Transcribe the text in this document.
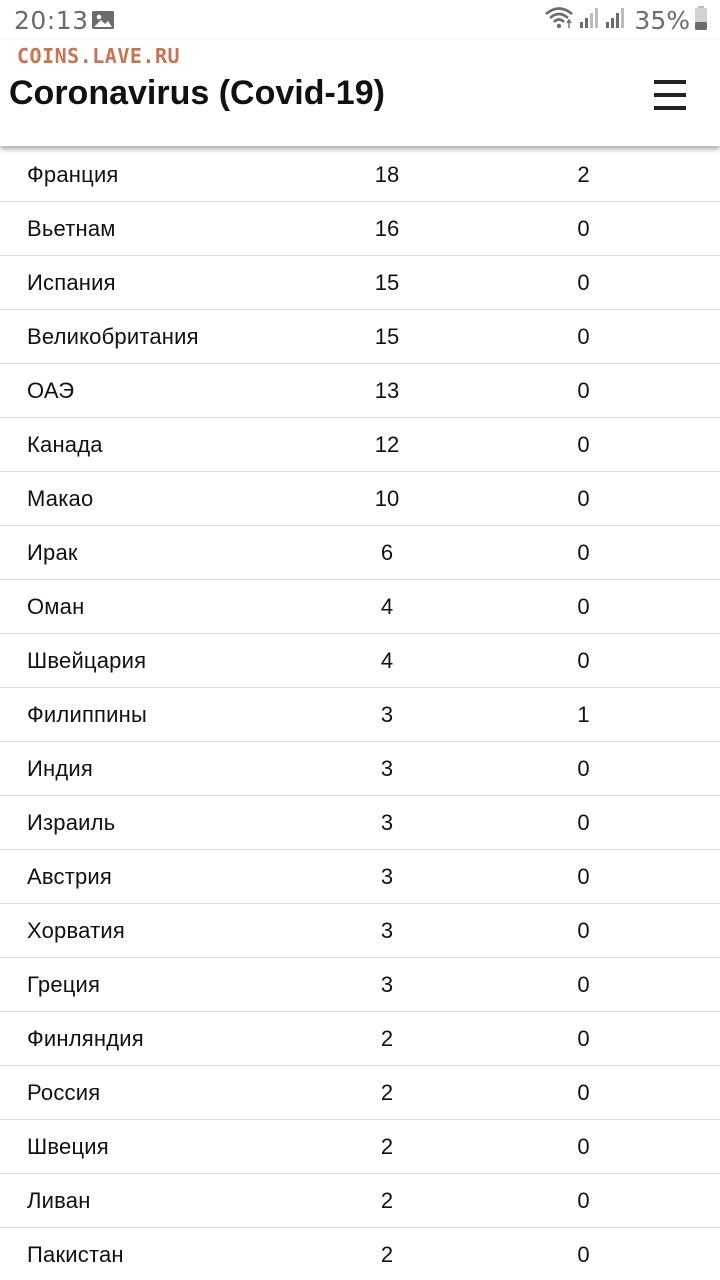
20:13	35%
Coronavirus (Covid-19)
COINS.LAVE.RU
Франция	18	2
Вьетнам	16	0
Испания	15	0
Великобритания	15	0
ОАЭ	13	0
Канада	12	0
Макао	10	0
Ирак	6	0
Оман	4	0
Швейцария	4	0
Филиппины	3	1
Индия	3	0
Израиль	3	0
Австрия	3	0
Хорватия	3	0
Греция	3	0
Финляндия	2	0
Россия	2	0
Швеция	2	0
Ливан	2	0
Пакистан	2	0
